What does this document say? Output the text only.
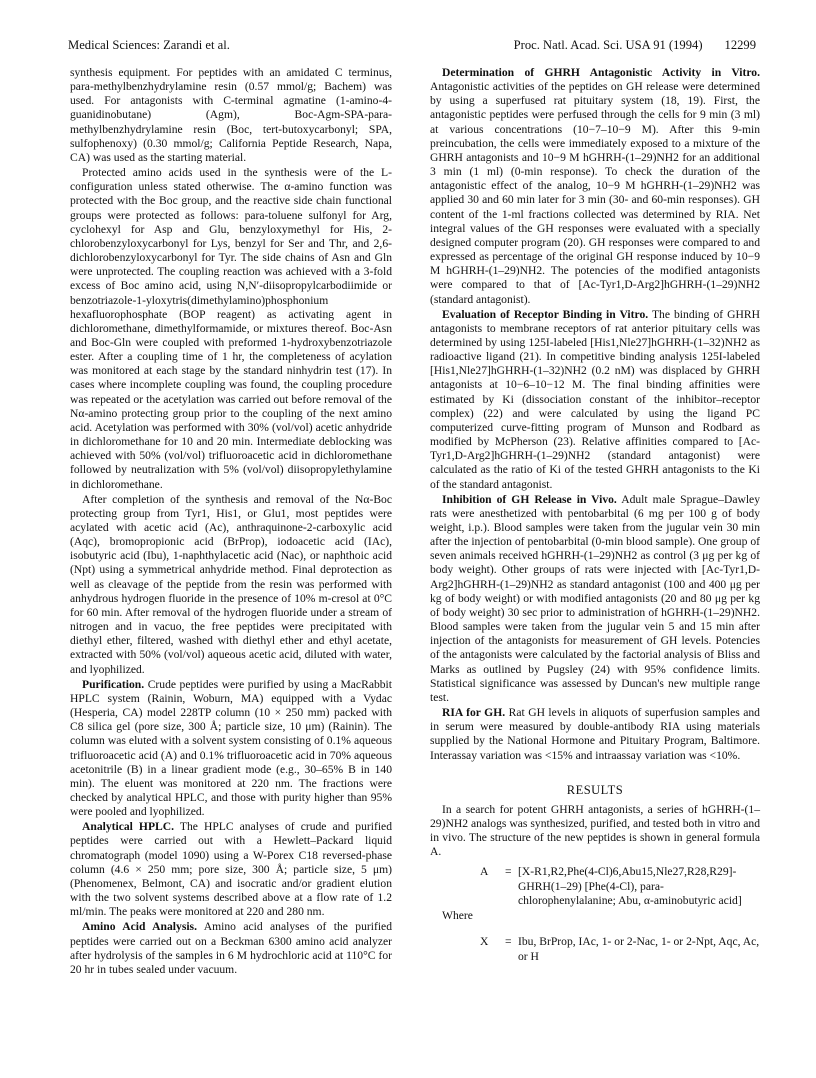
Medical Sciences: Zarandi et al.	Proc. Natl. Acad. Sci. USA 91 (1994) 12299

synthesis equipment. For peptides with an amidated C terminus, para-methylbenzhydrylamine resin (0.57 mmol/g; Bachem) was used. For antagonists with C-terminal agmatine (1-amino-4-guanidinobutane) (Agm), Boc-Agm-SPA-para-methylbenzhydrylamine resin (Boc, tert-butoxycarbonyl; SPA, sulfophenoxy) (0.30 mmol/g; California Peptide Research, Napa, CA) was used as the starting material.

Protected amino acids used in the synthesis were of the L-configuration unless stated otherwise. The α-amino function was protected with the Boc group, and the reactive side chain functional groups were protected as follows: para-toluene sulfonyl for Arg, cyclohexyl for Asp and Glu, benzyloxymethyl for His, 2-chlorobenzyloxycarbonyl for Lys, benzyl for Ser and Thr, and 2,6-dichlorobenzyloxycarbonyl for Tyr. The side chains of Asn and Gln were unprotected. The coupling reaction was achieved with a 3-fold excess of Boc amino acid, using N,N′-diisopropylcarbodiimide or benzotriazole-1-yloxytris(dimethylamino)phosphonium hexafluorophosphate (BOP reagent) as activating agent in dichloromethane, dimethylformamide, or mixtures thereof. Boc-Asn and Boc-Gln were coupled with preformed 1-hydroxybenzotriazole ester. After a coupling time of 1 hr, the completeness of acylation was monitored at each stage by the standard ninhydrin test (17). In cases where incomplete coupling was found, the coupling procedure was repeated or the acetylation was carried out before removal of the Nα-amino protecting group prior to the coupling of the next amino acid. Acetylation was performed with 30% (vol/vol) acetic anhydride in dichloromethane for 10 and 20 min. Intermediate deblocking was achieved with 50% (vol/vol) trifluoroacetic acid in dichloromethane followed by neutralization with 5% (vol/vol) diisopropylethylamine in dichloromethane.

After completion of the synthesis and removal of the Nα-Boc protecting group from Tyr1, His1, or Glu1, most peptides were acylated with acetic acid (Ac), anthraquinone-2-carboxylic acid (Aqc), bromopropionic acid (BrProp), iodoacetic acid (IAc), isobutyric acid (Ibu), 1-naphthylacetic acid (Nac), or naphthoic acid (Npt) using a symmetrical anhydride method. Final deprotection as well as cleavage of the peptide from the resin was performed with anhydrous hydrogen fluoride in the presence of 10% m-cresol at 0°C for 60 min. After removal of the hydrogen fluoride under a stream of nitrogen and in vacuo, the free peptides were precipitated with diethyl ether, filtered, washed with diethyl ether and ethyl acetate, extracted with 50% (vol/vol) aqueous acetic acid, diluted with water, and lyophilized.

Purification. Crude peptides were purified by using a MacRabbit HPLC system (Rainin, Woburn, MA) equipped with a Vydac (Hesperia, CA) model 228TP column (10 × 250 mm) packed with C8 silica gel (pore size, 300 Å; particle size, 10 μm) (Rainin). The column was eluted with a solvent system consisting of 0.1% aqueous trifluoroacetic acid (A) and 0.1% trifluoroacetic acid in 70% aqueous acetonitrile (B) in a linear gradient mode (e.g., 30–65% B in 140 min). The eluent was monitored at 220 nm. The fractions were checked by analytical HPLC, and those with purity higher than 95% were pooled and lyophilized.

Analytical HPLC. The HPLC analyses of crude and purified peptides were carried out with a Hewlett–Packard liquid chromatograph (model 1090) using a W-Porex C18 reversed-phase column (4.6 × 250 mm; pore size, 300 Å; particle size, 5 μm) (Phenomenex, Belmont, CA) and isocratic and/or gradient elution with the two solvent systems described above at a flow rate of 1.2 ml/min. The peaks were monitored at 220 and 280 nm.

Amino Acid Analysis. Amino acid analyses of the purified peptides were carried out on a Beckman 6300 amino acid analyzer after hydrolysis of the samples in 6 M hydrochloric acid at 110°C for 20 hr in tubes sealed under vacuum.

Determination of GHRH Antagonistic Activity in Vitro. Antagonistic activities of the peptides on GH release were determined by using a superfused rat pituitary system (18, 19). First, the antagonistic peptides were perfused through the cells for 9 min (3 ml) at various concentrations (10−7–10−9 M). After this 9-min preincubation, the cells were immediately exposed to a mixture of the GHRH antagonists and 10−9 M hGHRH-(1–29)NH2 for an additional 3 min (1 ml) (0-min response). To check the duration of the antagonistic effect of the analog, 10−9 M hGHRH-(1–29)NH2 was applied 30 and 60 min later for 3 min (30- and 60-min responses). GH content of the 1-ml fractions collected was determined by RIA. Net integral values of the GH responses were evaluated with a specially designed computer program (20). GH responses were compared to and expressed as percentage of the original GH response induced by 10−9 M hGHRH-(1–29)NH2. The potencies of the modified antagonists were compared to that of [Ac-Tyr1,D-Arg2]hGHRH-(1–29)NH2 (standard antagonist).

Evaluation of Receptor Binding in Vitro. The binding of GHRH antagonists to membrane receptors of rat anterior pituitary cells was determined by using 125I-labeled [His1,Nle27]hGHRH-(1–32)NH2 as radioactive ligand (21). In competitive binding analysis 125I-labeled [His1,Nle27]hGHRH-(1–32)NH2 (0.2 nM) was displaced by GHRH antagonists at 10−6–10−12 M. The final binding affinities were estimated by Ki (dissociation constant of the inhibitor–receptor complex) (22) and were calculated by using the ligand PC computerized curve-fitting program of Munson and Rodbard as modified by McPherson (23). Relative affinities compared to [Ac-Tyr1,D-Arg2]hGHRH-(1–29)NH2 (standard antagonist) were calculated as the ratio of Ki of the tested GHRH antagonists to the Ki of the standard antagonist.

Inhibition of GH Release in Vivo. Adult male Sprague–Dawley rats were anesthetized with pentobarbital (6 mg per 100 g of body weight, i.p.). Blood samples were taken from the jugular vein 30 min after the injection of pentobarbital (0-min blood sample). One group of seven animals received hGHRH-(1–29)NH2 as control (3 μg per kg of body weight). Other groups of rats were injected with [Ac-Tyr1,D-Arg2]hGHRH-(1–29)NH2 as standard antagonist (100 and 400 μg per kg of body weight) or with modified antagonists (20 and 80 μg per kg of body weight) 30 sec prior to administration of hGHRH-(1–29)NH2. Blood samples were taken from the jugular vein 5 and 15 min after injection of the antagonists for measurement of GH levels. Potencies of the antagonists were calculated by the factorial analysis of Bliss and Marks as outlined by Pugsley (24) with 95% confidence limits. Statistical significance was assessed by Duncan's new multiple range test.

RIA for GH. Rat GH levels in aliquots of superfusion samples and in serum were measured by double-antibody RIA using materials supplied by the National Hormone and Pituitary Program, Baltimore. Interassay variation was <15% and intraassay variation was <10%.

RESULTS

In a search for potent GHRH antagonists, a series of hGHRH-(1–29)NH2 analogs was synthesized, purified, and tested both in vitro and in vivo. The structure of the new peptides is shown in general formula A.

A = [X-R1,R2,Phe(4-Cl)6,Abu15,Nle27,R28,R29]-GHRH(1–29) [Phe(4-Cl), para-chlorophenylalanine; Abu, α-aminobutyric acid]

Where

X = Ibu, BrProp, IAc, 1- or 2-Nac, 1- or 2-Npt, Aqc, Ac, or H
